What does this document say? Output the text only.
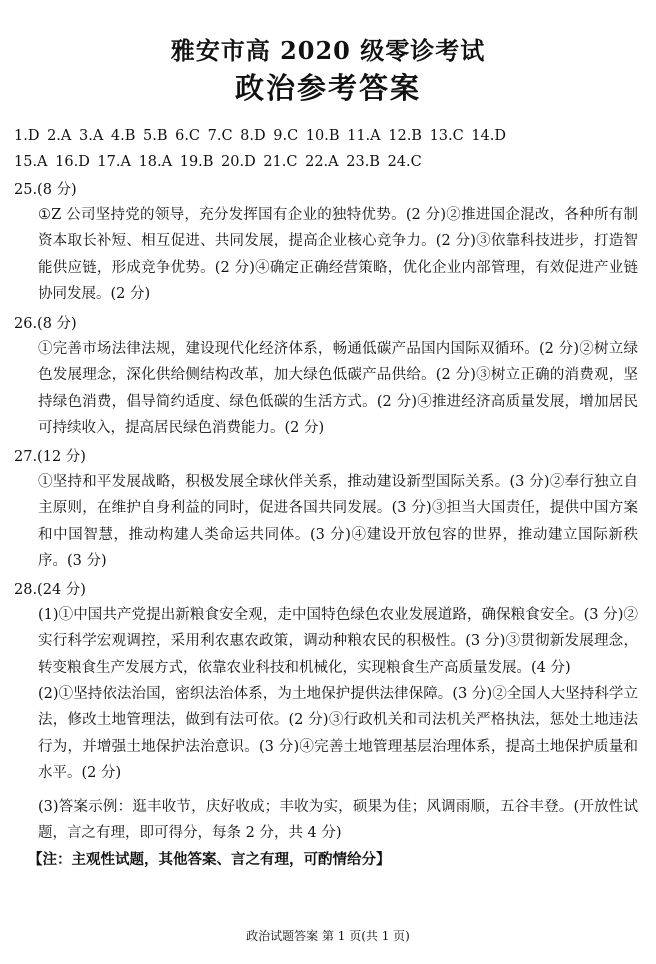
雅安市高 2020 级零诊考试
政治参考答案
1.D 2.A 3.A 4.B 5.B 6.C 7.C 8.D 9.C 10.B 11.A 12.B 13.C 14.D
15.A 16.D 17.A 18.A 19.B 20.D 21.C 22.A 23.B 24.C
25.(8 分)
①Z 公司坚持党的领导，充分发挥国有企业的独特优势。(2 分)②推进国企混改，各种所有制资本取长补短、相互促进、共同发展，提高企业核心竞争力。(2 分)③依靠科技进步，打造智能供应链，形成竞争优势。(2 分)④确定正确经营策略，优化企业内部管理，有效促进产业链协同发展。(2 分)
26.(8 分)
①完善市场法律法规，建设现代化经济体系，畅通低碳产品国内国际双循环。(2 分)②树立绿色发展理念，深化供给侧结构改革，加大绿色低碳产品供给。(2 分)③树立正确的消费观，坚持绿色消费，倡导简约适度、绿色低碳的生活方式。(2 分)④推进经济高质量发展，增加居民可持续收入，提高居民绿色消费能力。(2 分)
27.(12 分)
①坚持和平发展战略，积极发展全球伙伴关系，推动建设新型国际关系。(3 分)②奉行独立自主原则，在维护自身利益的同时，促进各国共同发展。(3 分)③担当大国责任，提供中国方案和中国智慧，推动构建人类命运共同体。(3 分)④建设开放包容的世界，推动建立国际新秩序。(3 分)
28.(24 分)
(1)①中国共产党提出新粮食安全观，走中国特色绿色农业发展道路，确保粮食安全。(3 分)②实行科学宏观调控，采用利农惠农政策，调动种粮农民的积极性。(3 分)③贯彻新发展理念，转变粮食生产发展方式，依靠农业科技和机械化，实现粮食生产高质量发展。(4 分)
(2)①坚持依法治国，密织法治体系，为土地保护提供法律保障。(3 分)②全国人大坚持科学立法，修改土地管理法，做到有法可依。(2 分)③行政机关和司法机关严格执法，惩处土地违法行为，并增强土地保护法治意识。(3 分)④完善土地管理基层治理体系，提高土地保护质量和水平。(2 分)
(3)答案示例：逛丰收节，庆好收成；丰收为实，硕果为佳；风调雨顺，五谷丰登。(开放性试题，言之有理，即可得分，每条 2 分，共 4 分)
【注：主观性试题，其他答案、言之有理，可酌情给分】
政治试题答案 第 1 页(共 1 页)
